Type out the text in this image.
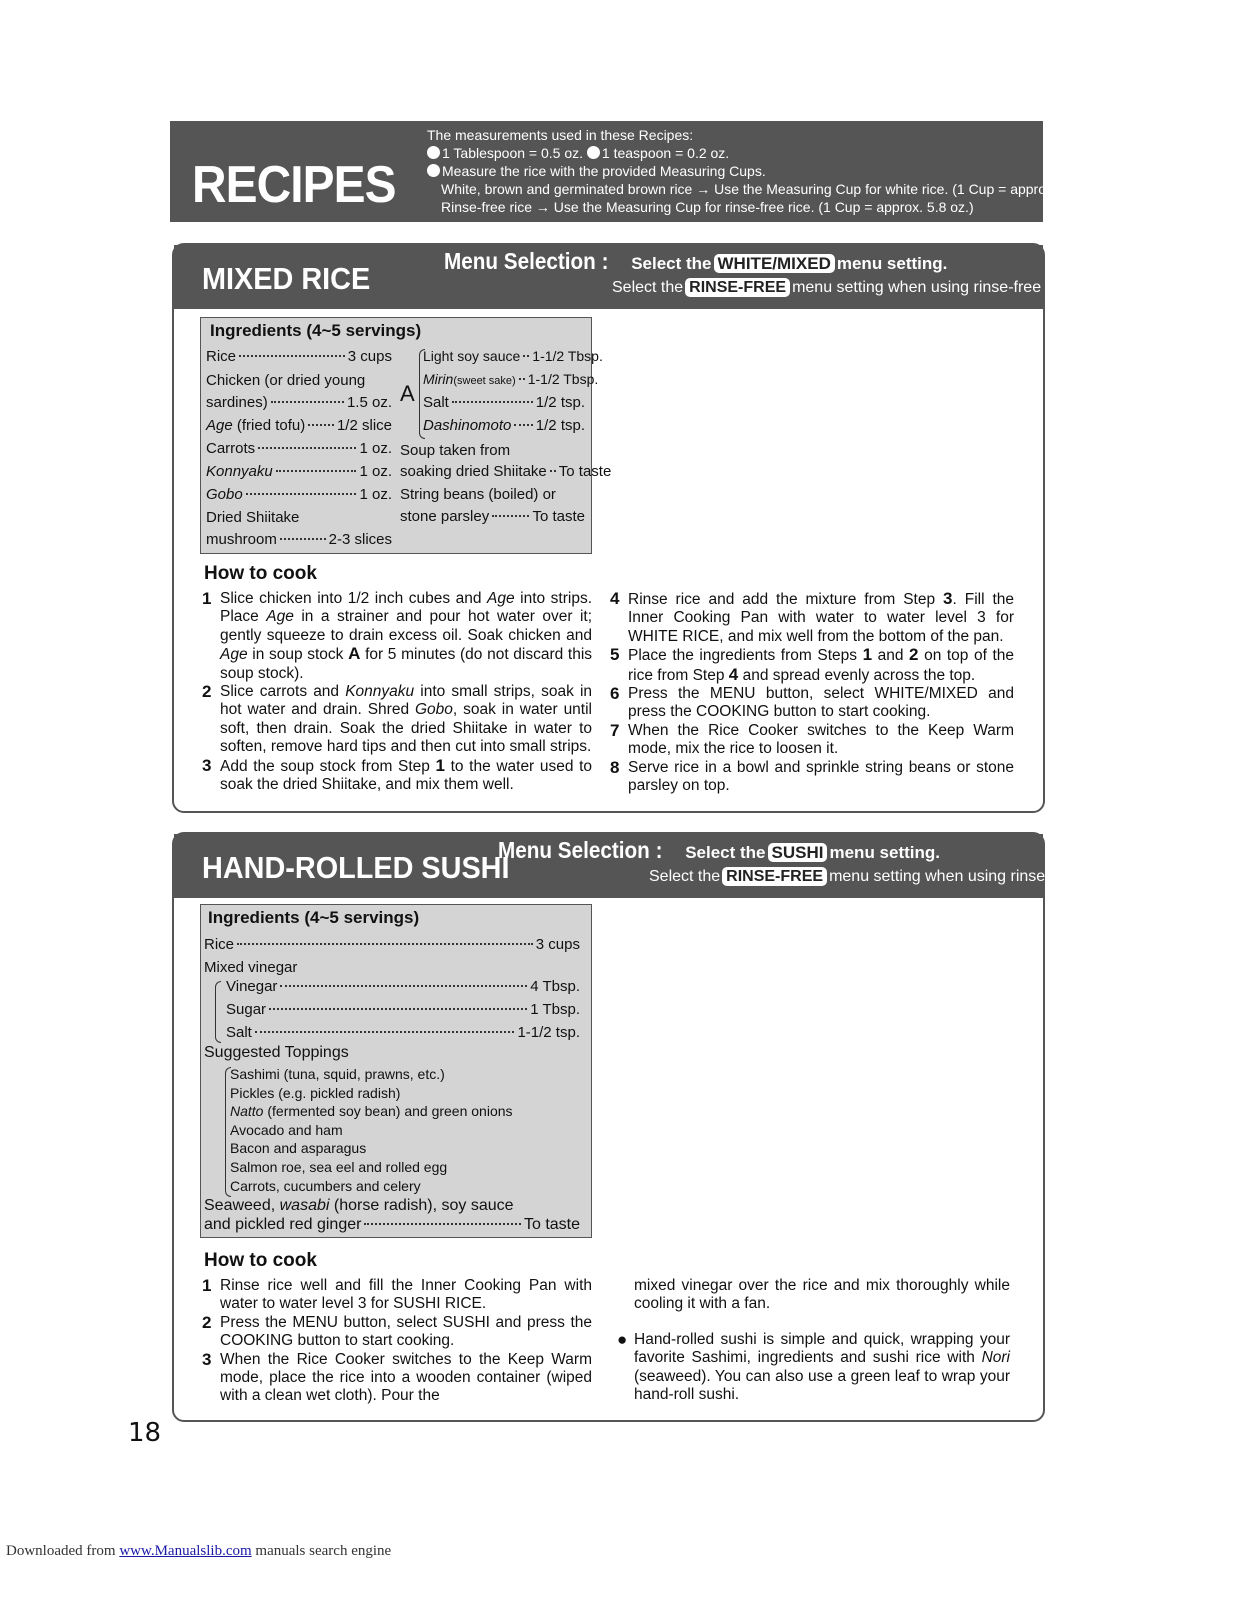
RECIPES
The measurements used in these Recipes:
1 Tablespoon = 0.5 oz. 1 teaspoon = 0.2 oz.
Measure the rice with the provided Measuring Cups.
White, brown and germinated brown rice → Use the Measuring Cup for white rice. (1 Cup = approx. 6.1 oz.)
Rinse-free rice → Use the Measuring Cup for rinse-free rice. (1 Cup = approx. 5.8 oz.)
MIXED RICE	Menu Selection : Select the WHITE/MIXED menu setting.
Select the RINSE-FREE menu setting when using rinse-free rice.
Ingredients (4~5 servings)
Rice	3 cups
Chicken (or dried young
sardines)	1.5 oz.
Age
(fried tofu) 1/2 slice
Carrots	1 oz.
Konnyaku	1 oz.
Gobo	1 oz.
Dried Shiitake
mushroom	2-3 slices
A
Light soy sauce 1-1/2 Tbsp.
Mirin (sweet sake) 1-1/2 Tbsp.
Salt	1/2 tsp.
Dashinomoto 1/2 tsp.
Soup taken from
soaking dried Shiitake To taste
String beans (boiled) or
stone parsley	To taste
How to cook
1 Slice chicken into 1/2 inch cubes and Age into strips. Place Age in a strainer and pour hot water over it; gently squeeze to drain excess oil. Soak chicken and Age in soup stock A for 5 minutes (do not discard this soup stock).
2 Slice carrots and Konnyaku into small strips, soak in hot water and drain. Shred Gobo, soak in water until soft, then drain. Soak the dried Shiitake in water to soften, remove hard tips and then cut into small strips.
3 Add the soup stock from Step 1 to the water used to soak the dried Shiitake, and mix them well.
4 Rinse rice and add the mixture from Step 3. Fill the Inner Cooking Pan with water to water level 3 for WHITE RICE, and mix well from the bottom of the pan.
5 Place the ingredients from Steps 1 and 2 on top of the rice from Step 4 and spread evenly across the top.
6 Press the MENU button, select WHITE/MIXED and press the COOKING button to start cooking.
7 When the Rice Cooker switches to the Keep Warm mode, mix the rice to loosen it.
8 Serve rice in a bowl and sprinkle string beans or stone parsley on top.
HAND-ROLLED SUSHI
Menu Selection : Select the SUSHI menu setting.
Select the RINSE-FREE menu setting when using rinse-free rice.
Ingredients (4~5 servings)
Rice	3 cups
Mixed vinegar
Vinegar	4 Tbsp.
Sugar	1 Tbsp.
Salt	1-1/2 tsp.
Suggested Toppings
Sashimi (tuna, squid, prawns, etc.)
Pickles (e.g. pickled radish)
Natto (fermented soy bean) and green onions
Avocado and ham
Bacon and asparagus
Salmon roe, sea eel and rolled egg
Carrots, cucumbers and celery
Seaweed, wasabi (horse radish), soy sauce
and pickled red ginger	To taste
How to cook
1 Rinse rice well and fill the Inner Cooking Pan with water to water level 3 for SUSHI RICE.
2 Press the MENU button, select SUSHI and press the COOKING button to start cooking.
3 When the Rice Cooker switches to the Keep Warm mode, place the rice into a wooden container (wiped with a clean wet cloth). Pour the
mixed vinegar over the rice and mix thoroughly while cooling it with a fan.
● Hand-rolled sushi is simple and quick, wrapping your favorite Sashimi, ingredients and sushi rice with Nori (seaweed). You can also use a green leaf to wrap your hand-roll sushi.
18
Downloaded from www.Manualslib.com manuals search engine
